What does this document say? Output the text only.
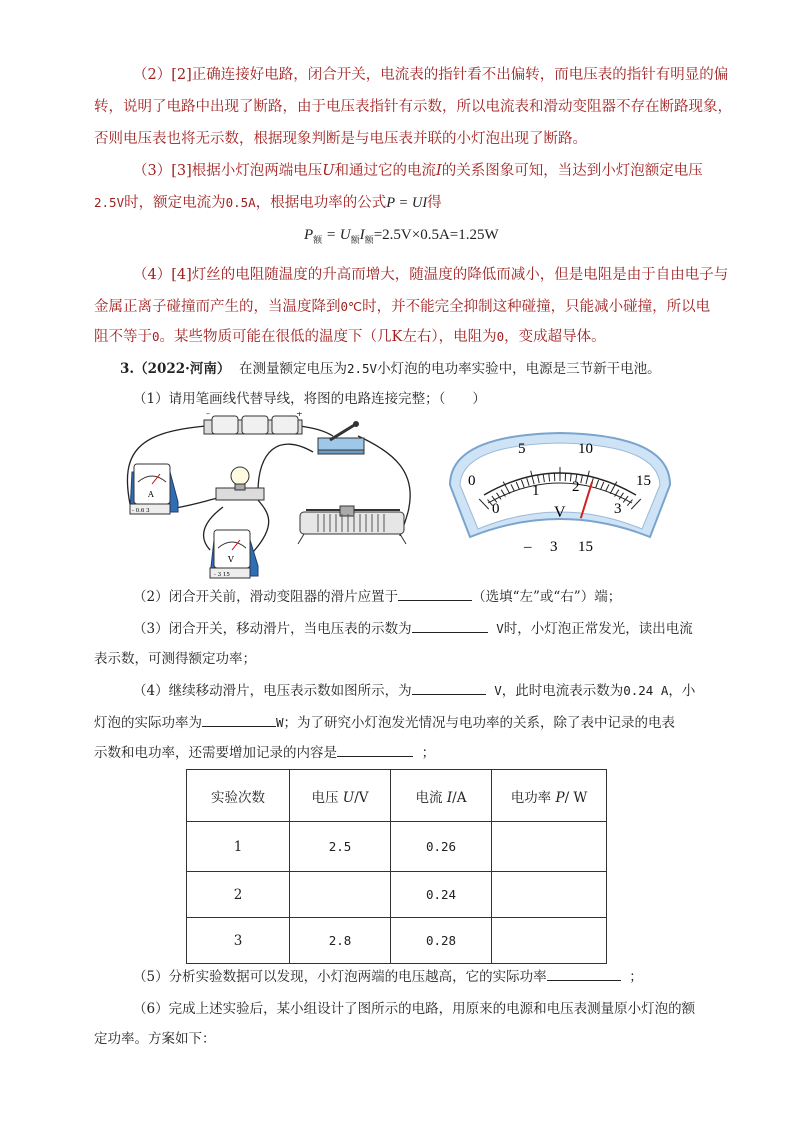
（2）[2]正确连接好电路，闭合开关，电流表的指针看不出偏转，而电压表的指针有明显的偏
转，说明了电路中出现了断路，由于电压表指针有示数，所以电流表和滑动变阻器不存在断路现象，
否则电压表也将无示数，根据现象判断是与电压表并联的小灯泡出现了断路。
（3）[3]根据小灯泡两端电压U和通过它的电流I的关系图象可知，当达到小灯泡额定电压
2.5V时，额定电流为0.5A，根据电功率的公式P = UI得
$P_额 = U_额I_额=2.5V\times 0.5A=1.25W$
（4）[4]灯丝的电阻随温度的升高而增大，随温度的降低而减小，但是电阻是由于自由电子与
金属正离子碰撞而产生的，当温度降到0℃时，并不能完全抑制这种碰撞，只能减小碰撞，所以电
阻不等于0。某些物质可能在很低的温度下（几K左右），电阻为0，变成超导体。
3.（2022·河南） 在测量额定电压为2.5V小灯泡的电功率实验中，电源是三节新干电池。
（1）请用笔画线代替导线，将图的电路连接完整；（　　）
–	+
A
- 0.6 3
V
- 3 15
0
5	10
15
0
1 2
3
V
– 3 15
（2）闭合开关前，滑动变阻器的滑片应置于	（选填“左”或“右”）端；
（3）闭合开关，移动滑片，当电压表的示数为	V时，小灯泡正常发光，读出电流
表示数，可测得额定功率；
（4）继续移动滑片，电压表示数如图所示，为	V，此时电流表示数为0.24 A，小
灯泡的实际功率为	W；为了研究小灯泡发光情况与电功率的关系，除了表中记录的电表
示数和电功率，还需要增加记录的内容是	；
实验次数	电压 U/V	电流 I/A	电功率 P/ W
1	2.5	0.26	
2		0.24	
3	2.8	0.28	
（5）分析实验数据可以发现，小灯泡两端的电压越高，它的实际功率	；
（6）完成上述实验后，某小组设计了图所示的电路，用原来的电源和电压表测量原小灯泡的额
定功率。方案如下：
